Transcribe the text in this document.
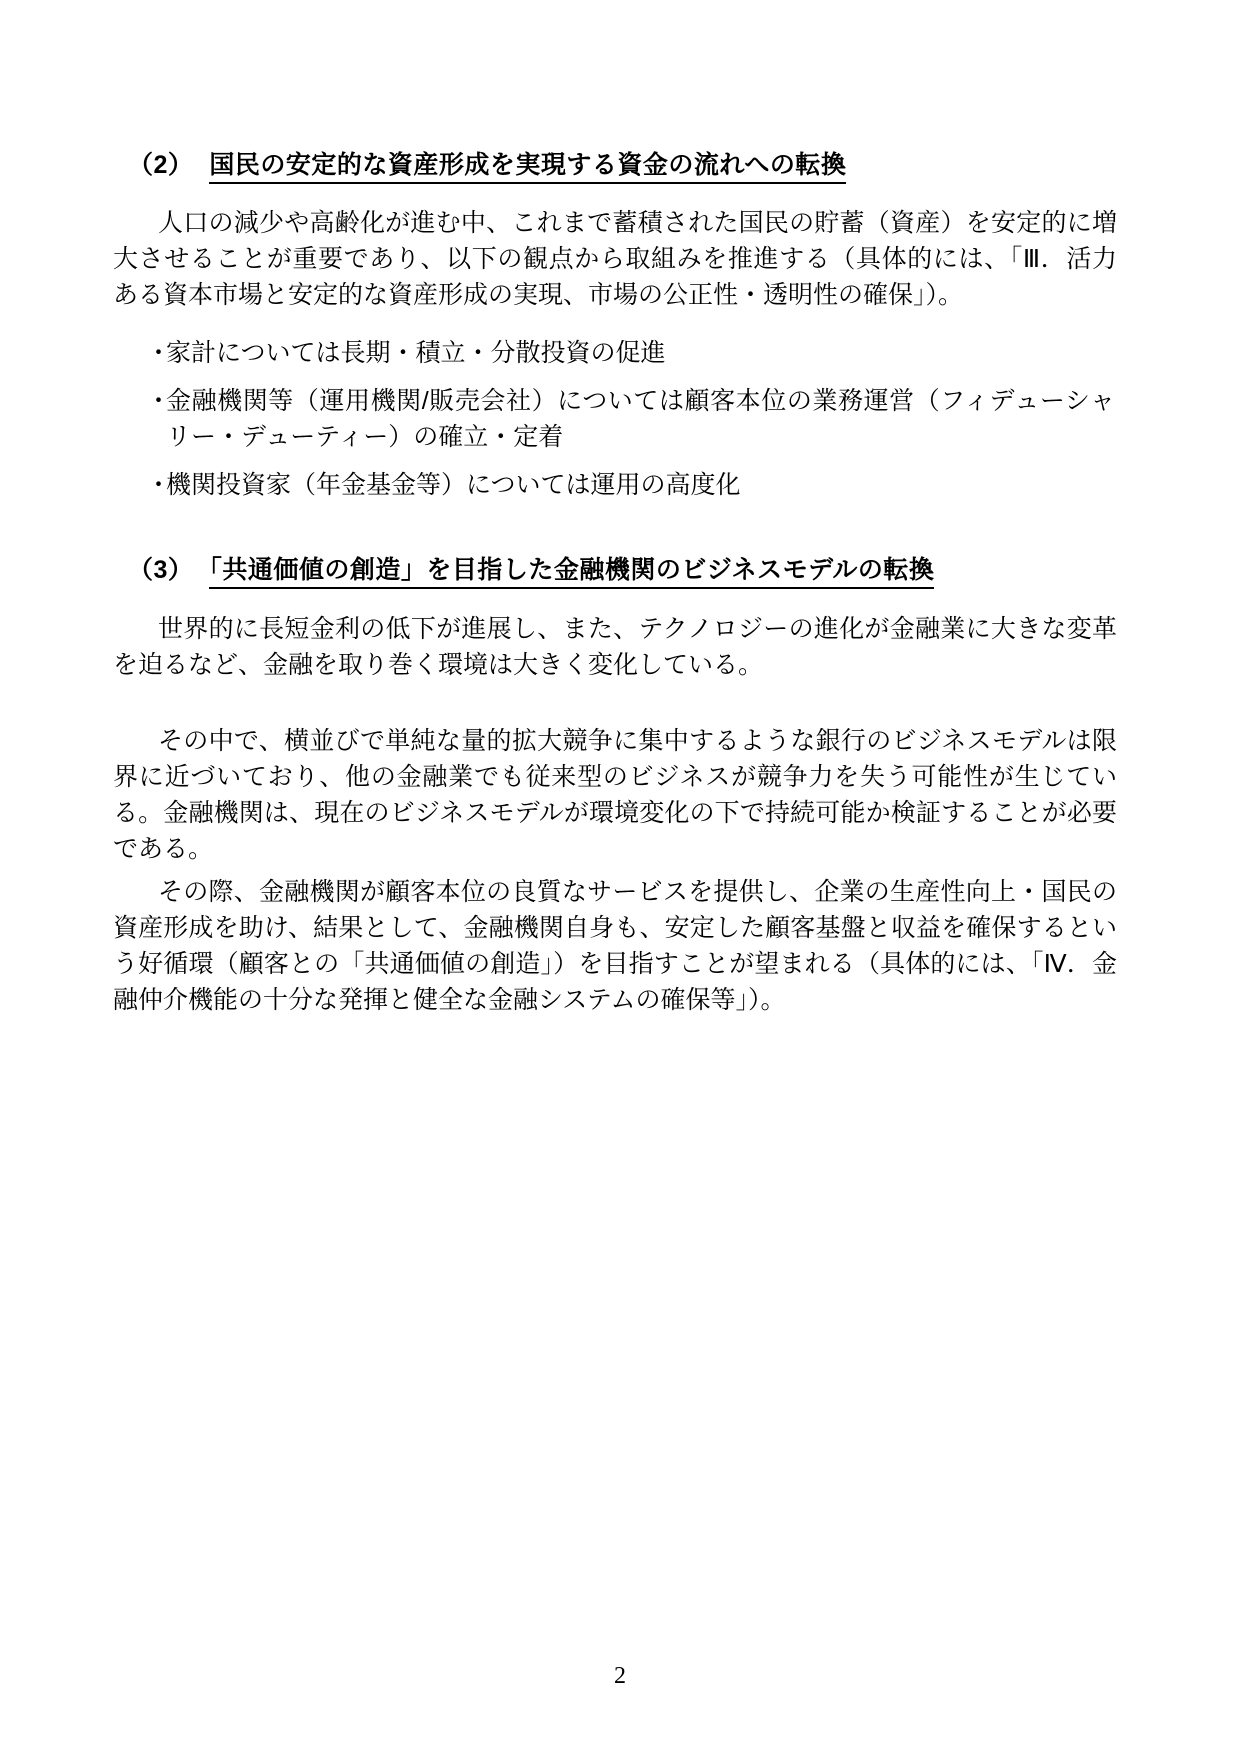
（2） 国民の安定的な資産形成を実現する資金の流れへの転換

人口の減少や高齢化が進む中、これまで蓄積された国民の貯蓄（資産）を安定的に増大させることが重要であり、以下の観点から取組みを推進する（具体的には、「Ⅲ．活力ある資本市場と安定的な資産形成の実現、市場の公正性・透明性の確保」）。

・
家計については長期・積立・分散投資の促進
・
金融機関等（運用機関/販売会社）については顧客本位の業務運営（フィデューシャリー・デューティー）の確立・定着
・
機関投資家（年金基金等）については運用の高度化
（3） 「共通価値の創造」を目指した金融機関のビジネスモデルの転換

世界的に長短金利の低下が進展し、また、テクノロジーの進化が金融業に大きな変革を迫るなど、金融を取り巻く環境は大きく変化している。

その中で、横並びで単純な量的拡大競争に集中するような銀行のビジネスモデルは限界に近づいており、他の金融業でも従来型のビジネスが競争力を失う可能性が生じている。金融機関は、現在のビジネスモデルが環境変化の下で持続可能か検証することが必要である。

その際、金融機関が顧客本位の良質なサービスを提供し、企業の生産性向上・国民の資産形成を助け、結果として、金融機関自身も、安定した顧客基盤と収益を確保するという好循環（顧客との「共通価値の創造」）を目指すことが望まれる（具体的には、「Ⅳ．金融仲介機能の十分な発揮と健全な金融システムの確保等」）。

2
